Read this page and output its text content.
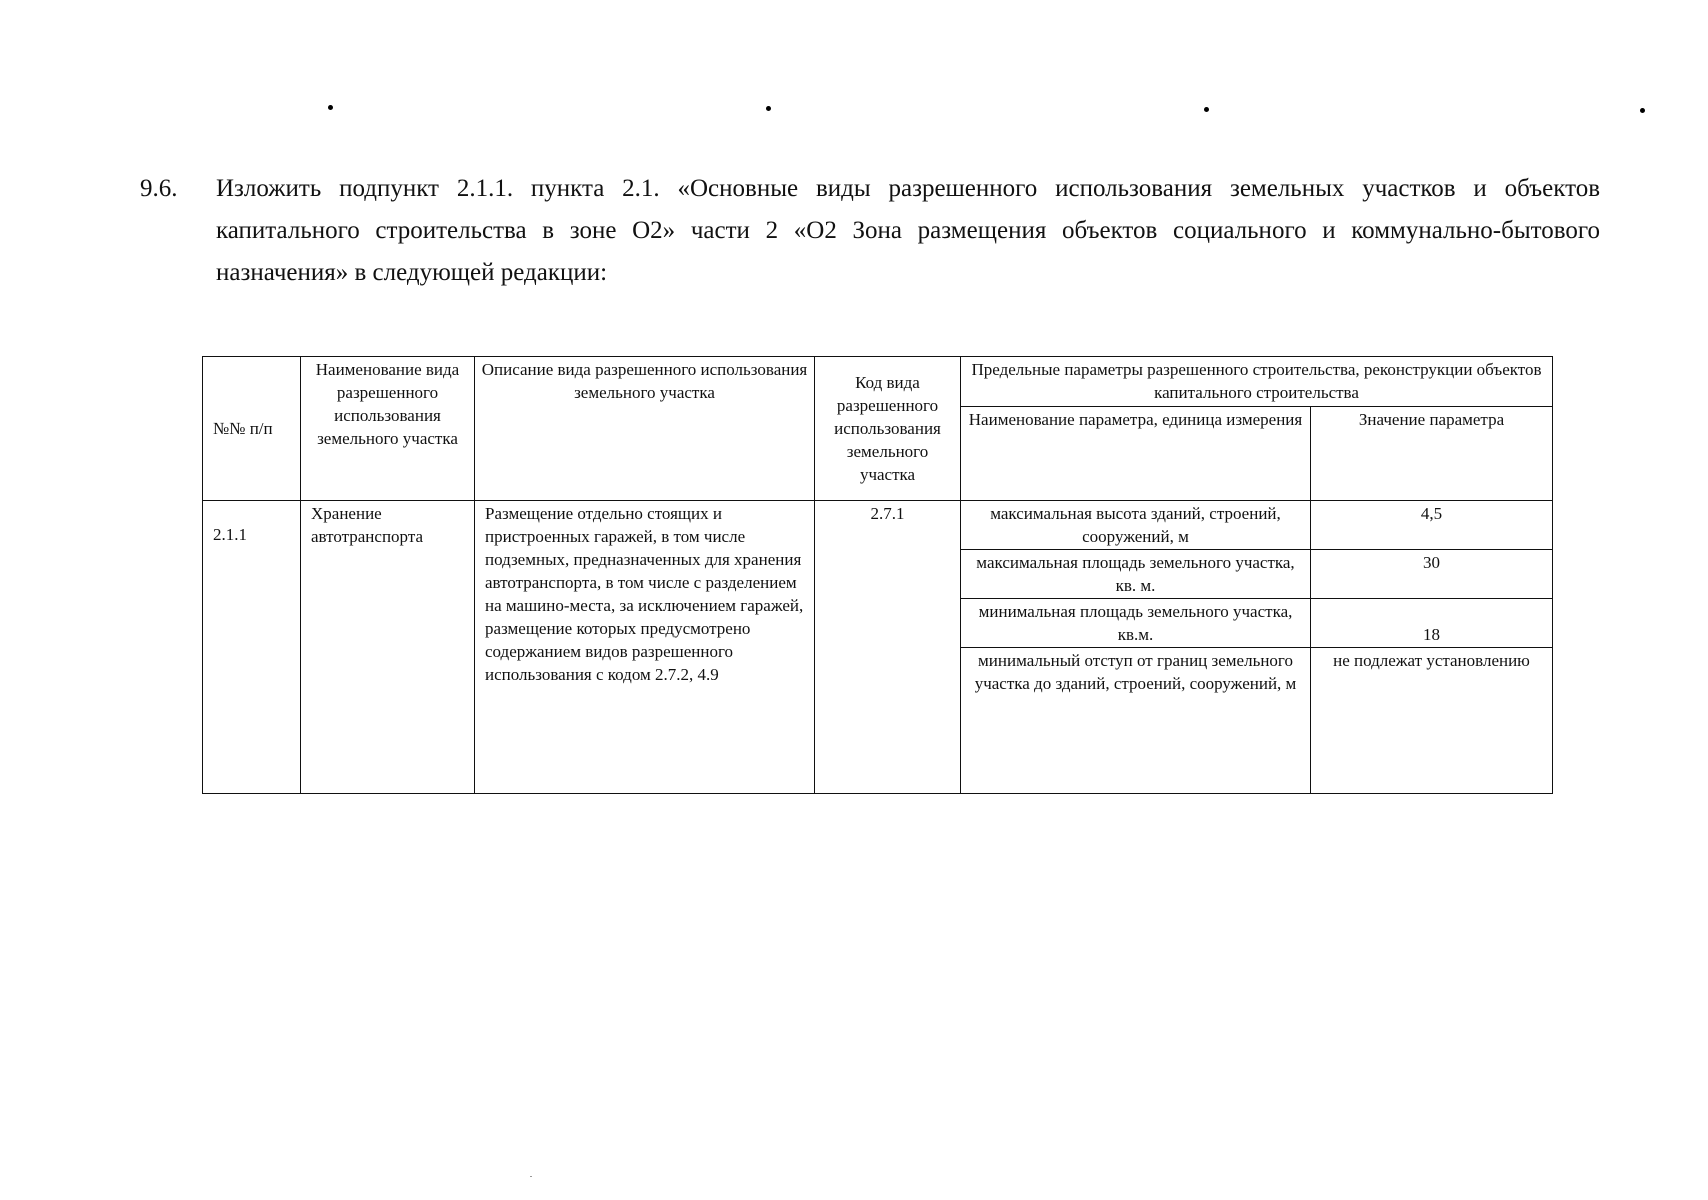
9.6. Изложить подпункт 2.1.1. пункта 2.1. «Основные виды разрешенного использования земельных участков и объектов капитального строительства в зоне О2» части 2 «О2 Зона размещения объектов социального и коммунально-бытового назначения» в следующей редакции:
№№ п/п	Наименование вида разрешенного использования земельного участка	Описание вида разрешенного использования земельного участка	Код вида разрешенного использования земельного участка	Предельные параметры разрешенного строительства, реконструкции объектов капитального строительства	
				Наименование параметра, единица измерения	Значение параметра
2.1.1	Хранение автотранспорта	Размещение отдельно стоящих и пристроенных гаражей, в том числе подземных, предназначенных для хранения автотранспорта, в том числе с разделением на машино-места, за исключением гаражей, размещение которых предусмотрено содержанием видов разрешенного использования с кодом 2.7.2, 4.9	2.7.1	максимальная высота зданий, строений, сооружений, м	4,5
				максимальная площадь земельного участка, кв. м.	30
				минимальная площадь земельного участка, кв.м.	18
				минимальный отступ от границ земельного участка до зданий, строений, сооружений, м	не подлежат установлению
